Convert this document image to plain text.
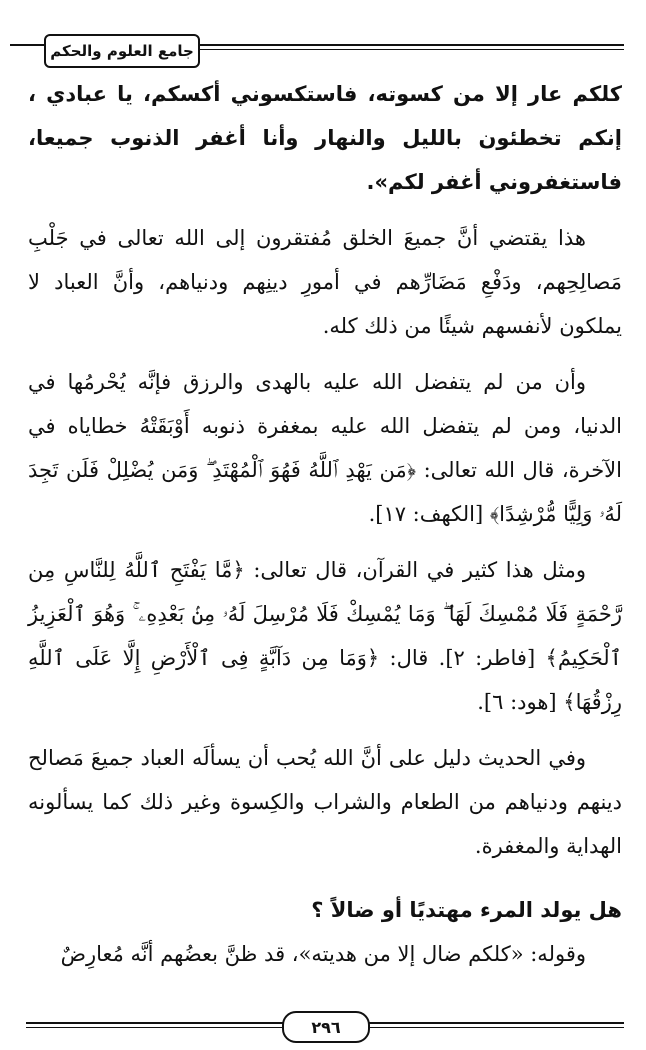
جامع العلوم والحكم

كلكم عار إلا من كسوته، فاستكسوني أكسكم، يا عبادي ، إنكم تخطئون بالليل والنهار وأنا أغفر الذنوب جميعا، فاستغفروني أغفر لكم».

هذا يقتضي أنَّ جميعَ الخلق مُفتقرون إلى الله تعالى في جَلْبِ مَصالِحِهم، ودَفْعِ مَضَارِّهم في أمورِ دينِهم ودنياهم، وأنَّ العباد لا يملكون لأنفسهم شيئًا من ذلك كله.

وأن من لم يتفضل الله عليه بالهدى والرزق فإنَّه يُحْرمُها في الدنيا، ومن لم يتفضل الله عليه بمغفرة ذنوبه أَوْبَقَتْهُ خطاياه في الآخرة، قال الله تعالى: ﴿مَن يَهْدِ ٱللَّهُ فَهُوَ ٱلْمُهْتَدِ ۖ وَمَن يُضْلِلْ فَلَن تَجِدَ لَهُۥ وَلِيًّا مُّرْشِدًا﴾ [الكهف: ١٧].

ومثل هذا كثير في القرآن، قال تعالى: ﴿مَّا يَفْتَحِ ٱللَّهُ لِلنَّاسِ مِن رَّحْمَةٍ فَلَا مُمْسِكَ لَهَا ۖ وَمَا يُمْسِكْ فَلَا مُرْسِلَ لَهُۥ مِنۢ بَعْدِهِۦ ۚ وَهُوَ ٱلْعَزِيزُ ٱلْحَكِيمُ﴾ [فاطر: ٢]. قال: ﴿وَمَا مِن دَآبَّةٍ فِى ٱلْأَرْضِ إِلَّا عَلَى ٱللَّهِ رِزْقُهَا﴾ [هود: ٦].

وفي الحديث دليل على أنَّ الله يُحب أن يسألَه العباد جميعَ مَصالح دينهم ودنياهم من الطعام والشراب والكِسوة وغير ذلك كما يسألونه الهداية والمغفرة.

هل يولد المرء مهتديًا أو ضالاً ؟

وقوله: «كلكم ضال إلا من هديته»، قد ظنَّ بعضُهم أنَّه مُعارِضٌ

٢٩٦
